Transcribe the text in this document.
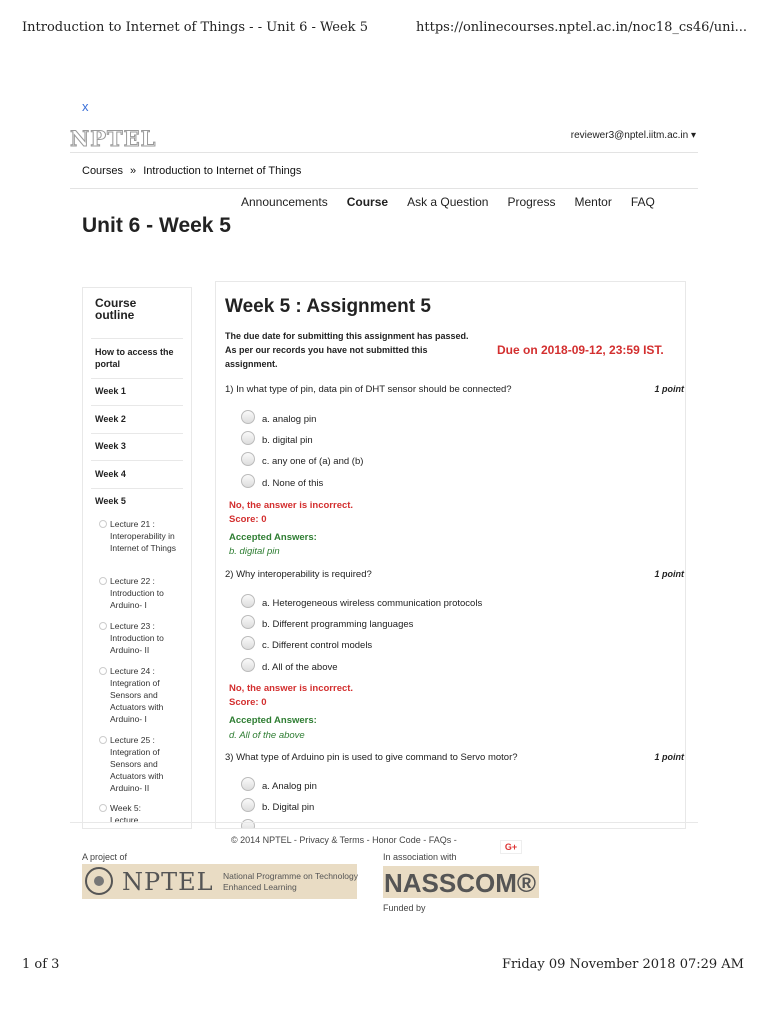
Introduction to Internet of Things - - Unit 6 - Week 5	https://onlinecourses.nptel.ac.in/noc18_cs46/uni...
x
NPTEL	reviewer3@nptel.iitm.ac.in ▾
Courses » Introduction to Internet of Things
Announcements Course Ask a Question Progress Mentor FAQ
Unit 6 - Week 5
Course outline
How to access the portal
Week 1
Week 2
Week 3
Week 4
Week 5
Lecture 21 : Interoperability in Internet of Things
Lecture 22 : Introduction to Arduino- I
Lecture 23 : Introduction to Arduino- II
Lecture 24 : Integration of Sensors and Actuators with Arduino- I
Lecture 25 : Integration of Sensors and Actuators with Arduino- II
Week 5: Lecture
Week 5 : Assignment 5
The due date for submitting this assignment has passed.
As per our records you have not submitted this assignment.
Due on 2018-09-12, 23:59 IST.
1) In what type of pin, data pin of DHT sensor should be connected?	1 point
a. analog pin
b. digital pin
c. any one of (a) and (b)
d. None of this
No, the answer is incorrect.
Score: 0
Accepted Answers:
b. digital pin
2) Why interoperability is required?	1 point
a. Heterogeneous wireless communication protocols
b. Different programming languages
c. Different control models
d. All of the above
No, the answer is incorrect.
Score: 0
Accepted Answers:
d. All of the above
3) What type of Arduino pin is used to give command to Servo motor?	1 point
a. Analog pin
b. Digital pin
© 2014 NPTEL - Privacy & Terms - Honor Code - FAQs -
G+
A project of	In association with
NPTEL National Programme on Technology Enhanced Learning	NASSCOM®
Funded by
1 of 3	Friday 09 November 2018 07:29 AM
